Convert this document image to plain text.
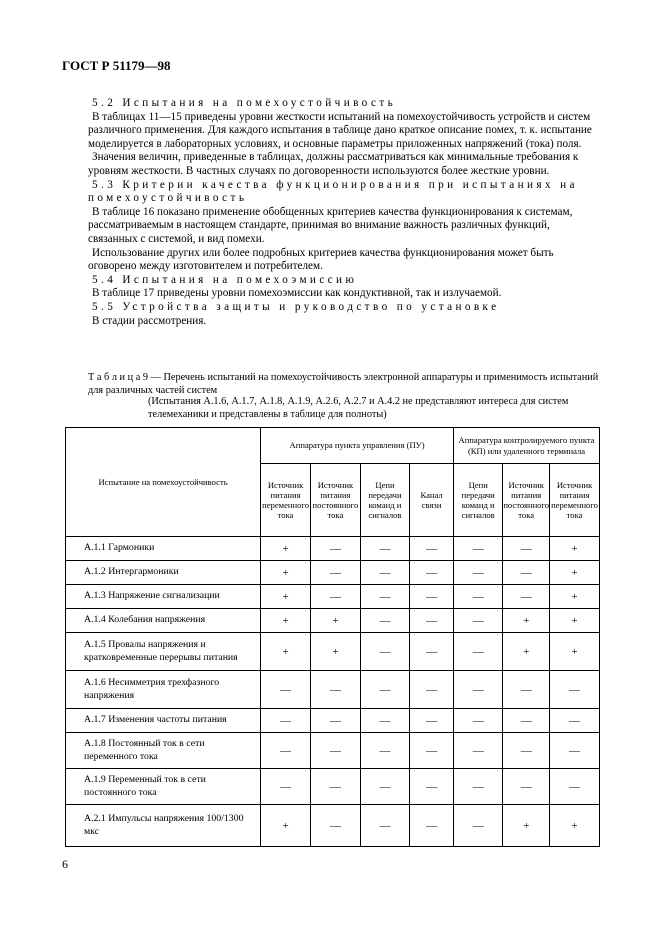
ГОСТ Р 51179—98

5.2 Испытания на помехоустойчивость

В таблицах 11—15 приведены уровни жесткости испытаний на помехоустойчивость устройств и систем различного применения. Для каждого испытания в таблице дано краткое описание помех, т. к. испытание моделируется в лабораторных условиях, и основные параметры приложенных напряжений (тока) поля.

Значения величин, приведенные в таблицах, должны рассматриваться как минимальные требования к уровням жесткости. В частных случаях по договоренности используются более жесткие уровни.

5.3 Критерии качества функционирования при испытаниях на помехоустойчивость

В таблице 16 показано применение обобщенных критериев качества функционирования к системам, рассматриваемым в настоящем стандарте, принимая во внимание важность различных функций, связанных с системой, и вид помехи.

Использование других или более подробных критериев качества функционирования может быть оговорено между изготовителем и потребителем.

5.4 Испытания на помехоэмиссию

В таблице 17 приведены уровни помехоэмиссии как кондуктивной, так и излучаемой.

5.5 Устройства защиты и руководство по установке

В стадии рассмотрения.

Т а б л и ц а 9 — Перечень испытаний на помехоустойчивость электронной аппаратуры и применимость испытаний для различных частей систем
(Испытания А.1.6, А.1.7, А.1.8, А.1.9, А.2.6, А.2.7 и А.4.2 не представляют интереса для систем телемеханики и представлены в таблице для полноты)
Испытание на помехоустойчивость	Аппаратура пункта управления (ПУ)				Аппаратура контролируемого пункта (КП) или удаленного терминала		
	Источник питания переменного тока	Источник питания постоянного тока	Цепи передачи команд и сигналов	Канал связи	Цепи передачи команд и сигналов	Источник питания постоянного тока	Источник питания переменного тока
А.1.1 Гармоники	+	—	—	—	—	—	+
А.1.2 Интергармоники	+	—	—	—	—	—	+
А.1.3 Напряжение сигнализации	+	—	—	—	—	—	+
А.1.4 Колебания напряжения	+	+	—	—	—	+	+
А.1.5 Провалы напряжения и кратковременные перерывы питания	+	+	—	—	—	+	+
А.1.6 Несимметрия трехфазного напряжения	—	—	—	—	—	—	—
А.1.7 Изменения частоты питания	—	—	—	—	—	—	—
А.1.8 Постоянный ток в сети переменного тока	—	—	—	—	—	—	—
А.1.9 Переменный ток в сети постоянного тока	—	—	—	—	—	—	—
А.2.1 Импульсы напряжения 100/1300 мкс	+	—	—	—	—	+	+
6
